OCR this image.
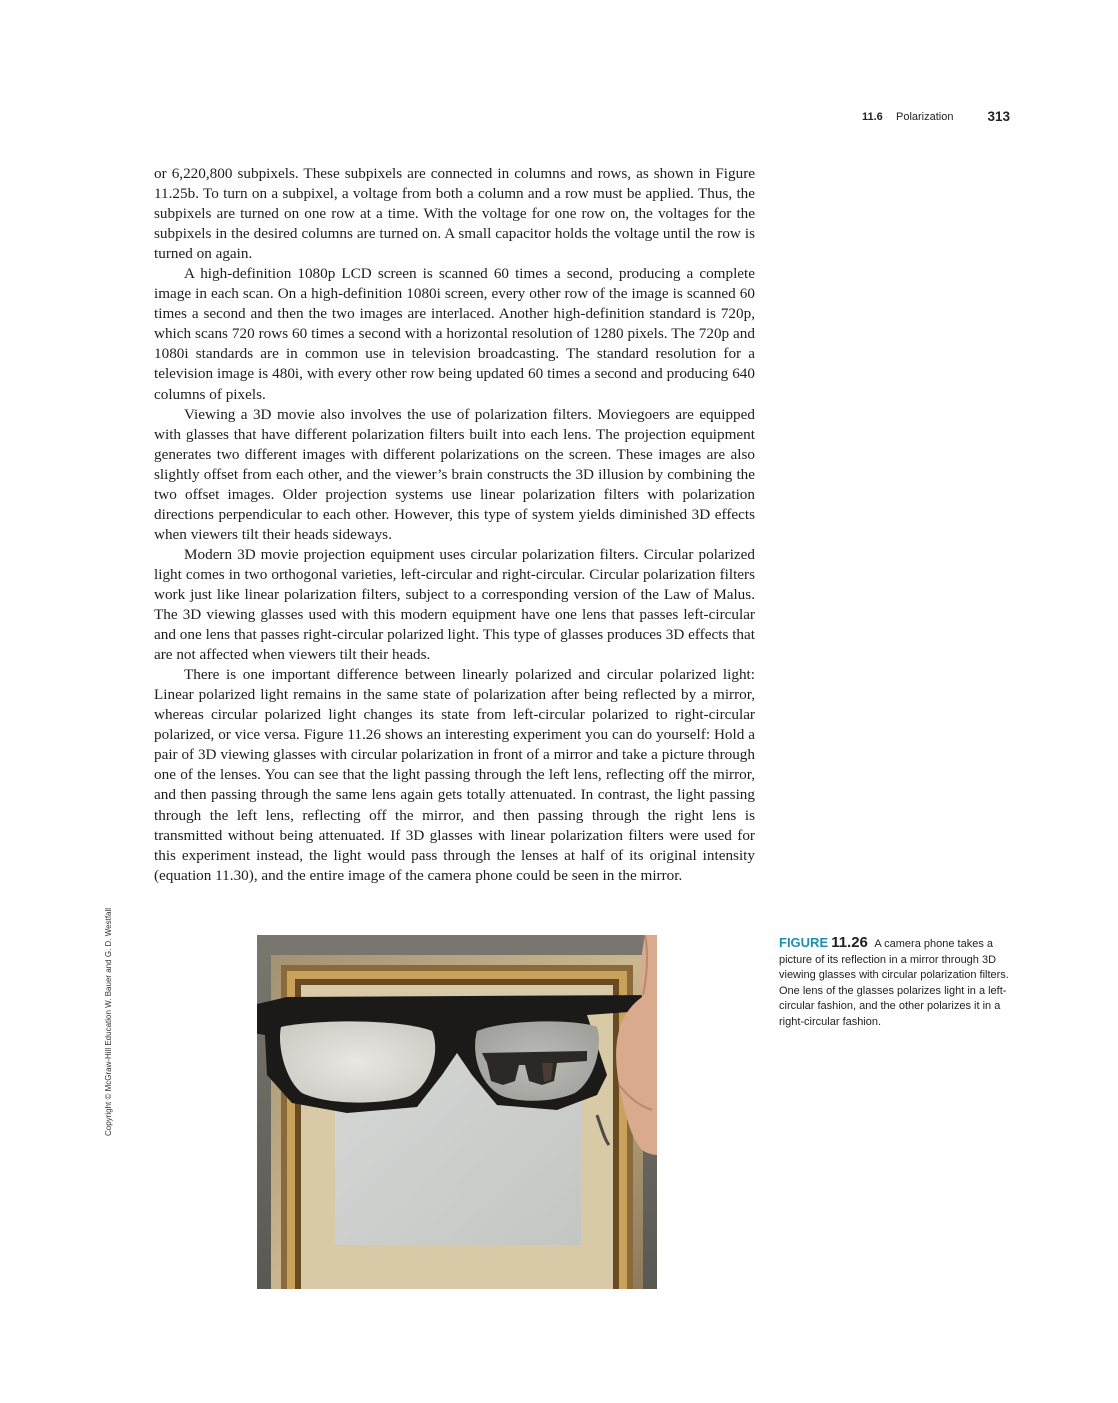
11.6 Polarization	313

or 6,220,800 subpixels. These subpixels are connected in columns and rows, as shown in Figure 11.25b. To turn on a subpixel, a voltage from both a column and a row must be applied. Thus, the subpixels are turned on one row at a time. With the voltage for one row on, the voltages for the subpixels in the desired columns are turned on. A small capacitor holds the voltage until the row is turned on again.

A high-definition 1080p LCD screen is scanned 60 times a second, producing a complete image in each scan. On a high-definition 1080i screen, every other row of the image is scanned 60 times a second and then the two images are interlaced. Another high-definition standard is 720p, which scans 720 rows 60 times a second with a horizontal resolution of 1280 pixels. The 720p and 1080i standards are in common use in television broadcasting. The standard resolution for a television image is 480i, with every other row being updated 60 times a second and producing 640 columns of pixels.

Viewing a 3D movie also involves the use of polarization filters. Moviegoers are equipped with glasses that have different polarization filters built into each lens. The projection equipment generates two different images with different polarizations on the screen. These images are also slightly offset from each other, and the viewer’s brain constructs the 3D illusion by combining the two offset images. Older projection systems use linear polarization filters with polarization directions perpendicular to each other. However, this type of system yields diminished 3D effects when viewers tilt their heads sideways.

Modern 3D movie projection equipment uses circular polarization filters. Circular polarized light comes in two orthogonal varieties, left-circular and right-circular. Circular polarization filters work just like linear polarization filters, subject to a corresponding version of the Law of Malus. The 3D viewing glasses used with this modern equipment have one lens that passes left-circular and one lens that passes right-circular polarized light. This type of glasses produces 3D effects that are not affected when viewers tilt their heads.

There is one important difference between linearly polarized and circular polarized light: Linear polarized light remains in the same state of polarization after being reflected by a mirror, whereas circular polarized light changes its state from left-circular polarized to right-circular polarized, or vice versa. Figure 11.26 shows an interesting experiment you can do yourself: Hold a pair of 3D viewing glasses with circular polarization in front of a mirror and take a picture through one of the lenses. You can see that the light passing through the left lens, reflecting off the mirror, and then passing through the same lens again gets totally attenuated. In contrast, the light passing through the left lens, reflecting off the mirror, and then passing through the right lens is transmitted without being attenuated. If 3D glasses with linear polarization filters were used for this experiment instead, the light would pass through the lenses at half of its original intensity (equation 11.30), and the entire image of the camera phone could be seen in the mirror.

Copyright © McGraw-Hill Education W. Bauer and G. D. Westfall	FIGURE 11.26 A camera phone takes a picture of its reflection in a mirror through 3D viewing glasses with circular polarization filters. One lens of the glasses polarizes light in a left-circular fashion, and the other polarizes it in a right-circular fashion.
